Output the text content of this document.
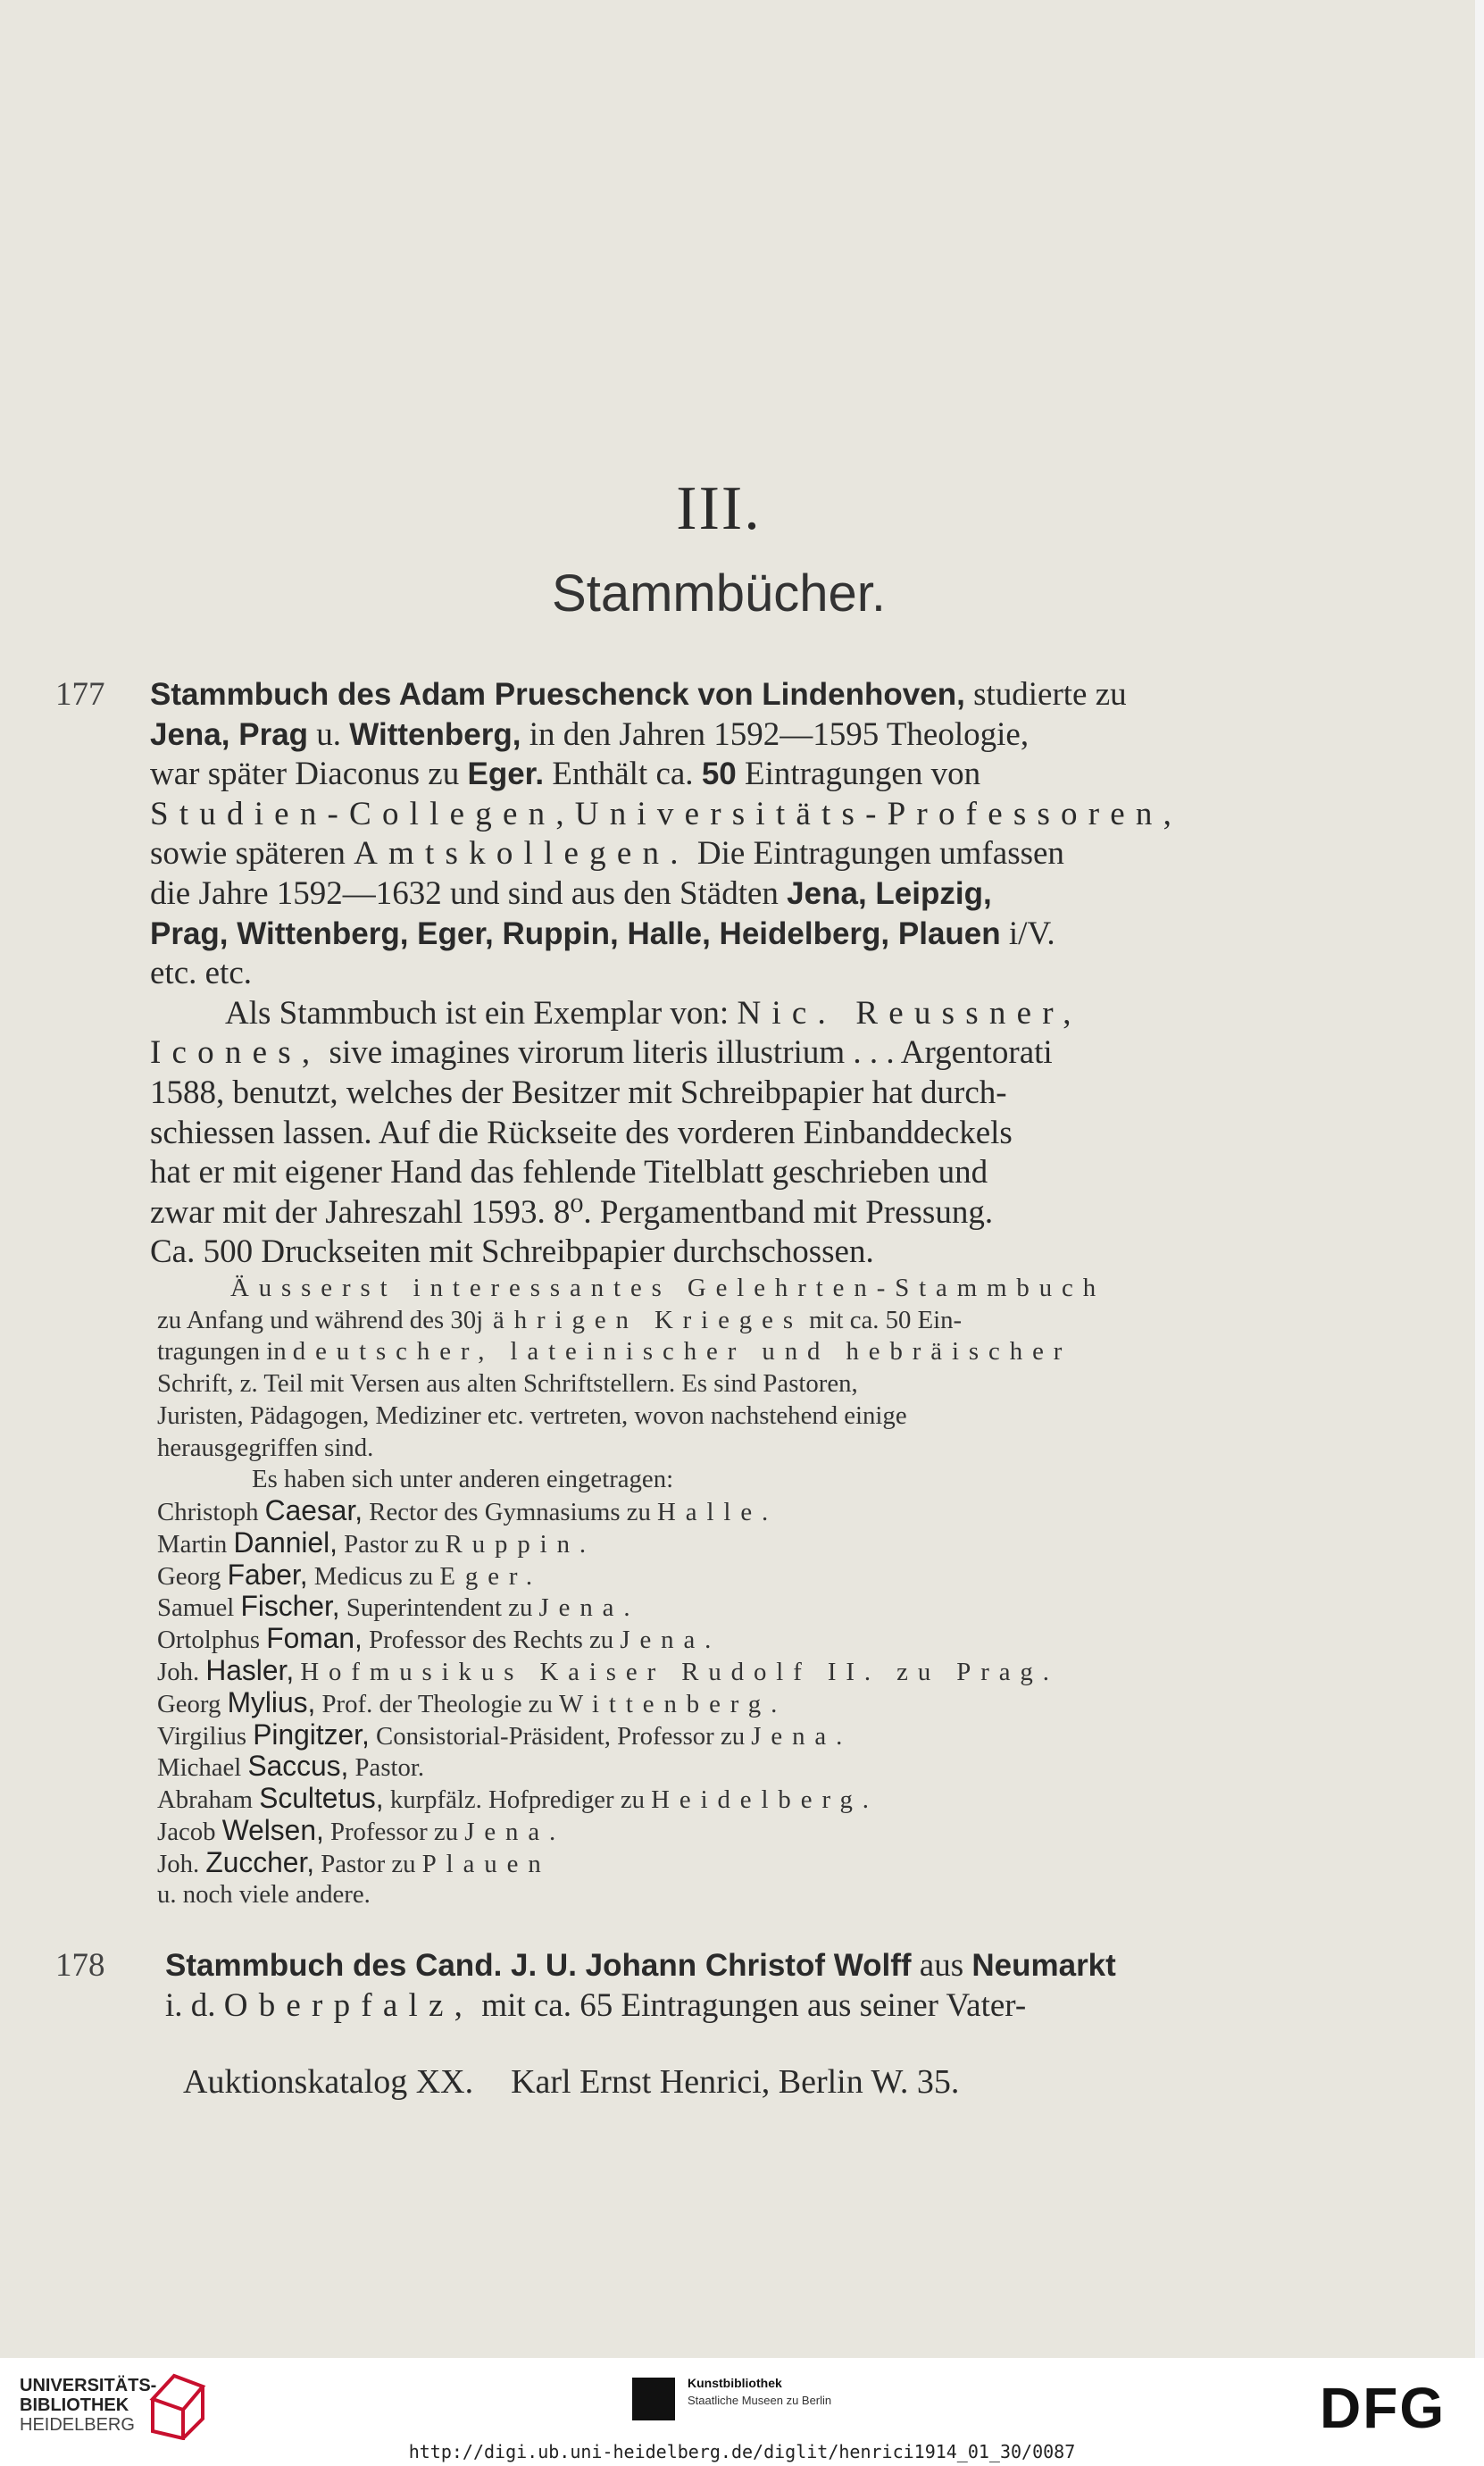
III.
Stammbücher.
177 Stammbuch des Adam Prueschenck von Lindenhoven, studierte zu
Jena, Prag u. Wittenberg, in den Jahren 1592—1595 Theologie,
war später Diaconus zu Eger. Enthält ca. 50 Eintragungen von
Studien-Collegen,Universitäts-Professoren,
sowie späteren Amtskollegen. Die Eintragungen umfassen
die Jahre 1592—1632 und sind aus den Städten Jena, Leipzig,
Prag, Wittenberg, Eger, Ruppin, Halle, Heidelberg, Plauen i/V.
etc. etc.
Als Stammbuch ist ein Exemplar von: Nic. Reussner,
Icones, sive imagines virorum literis illustrium . . . Argentorati
1588, benutzt, welches der Besitzer mit Schreibpapier hat durch-
schiessen lassen. Auf die Rückseite des vorderen Einbanddeckels
hat er mit eigener Hand das fehlende Titelblatt geschrieben und
zwar mit der Jahreszahl 1593. 8⁰. Pergamentband mit Pressung.
Ca. 500 Druckseiten mit Schreibpapier durchschossen.
Äusserst interessantes Gelehrten-Stammbuch
zu Anfang und während des 30jährigen Krieges mit ca. 50 Ein-
tragungen in deutscher, lateinischer und hebräischer
Schrift, z. Teil mit Versen aus alten Schriftstellern. Es sind Pastoren,
Juristen, Pädagogen, Mediziner etc. vertreten, wovon nachstehend einige
herausgegriffen sind.
Es haben sich unter anderen eingetragen:
Christoph Caesar, Rector des Gymnasiums zu Halle.
Martin Danniel, Pastor zu Ruppin.
Georg Faber, Medicus zu Eger.
Samuel Fischer, Superintendent zu Jena.
Ortolphus Foman, Professor des Rechts zu Jena.
Joh. Hasler, Hofmusikus Kaiser Rudolf II. zu Prag.
Georg Mylius, Prof. der Theologie zu Wittenberg.
Virgilius Pingitzer, Consistorial-Präsident, Professor zu Jena.
Michael Saccus, Pastor.
Abraham Scultetus, kurpfälz. Hofprediger zu Heidelberg.
Jacob Welsen, Professor zu Jena.
Joh. Zuccher, Pastor zu Plauen
u. noch viele andere.
178 Stammbuch des Cand. J. U. Johann Christof Wolff aus Neumarkt
i. d. Oberpfalz, mit ca. 65 Eintragungen aus seiner Vater-
Auktionskatalog XX. Karl Ernst Henrici, Berlin W. 35.
UNIVERSITÄTS-
BIBLIOTHEK
HEIDELBERG
Kunstbibliothek
Staatliche Museen zu Berlin	DFG
http://digi.ub.uni-heidelberg.de/diglit/henrici1914_01_30/0087
